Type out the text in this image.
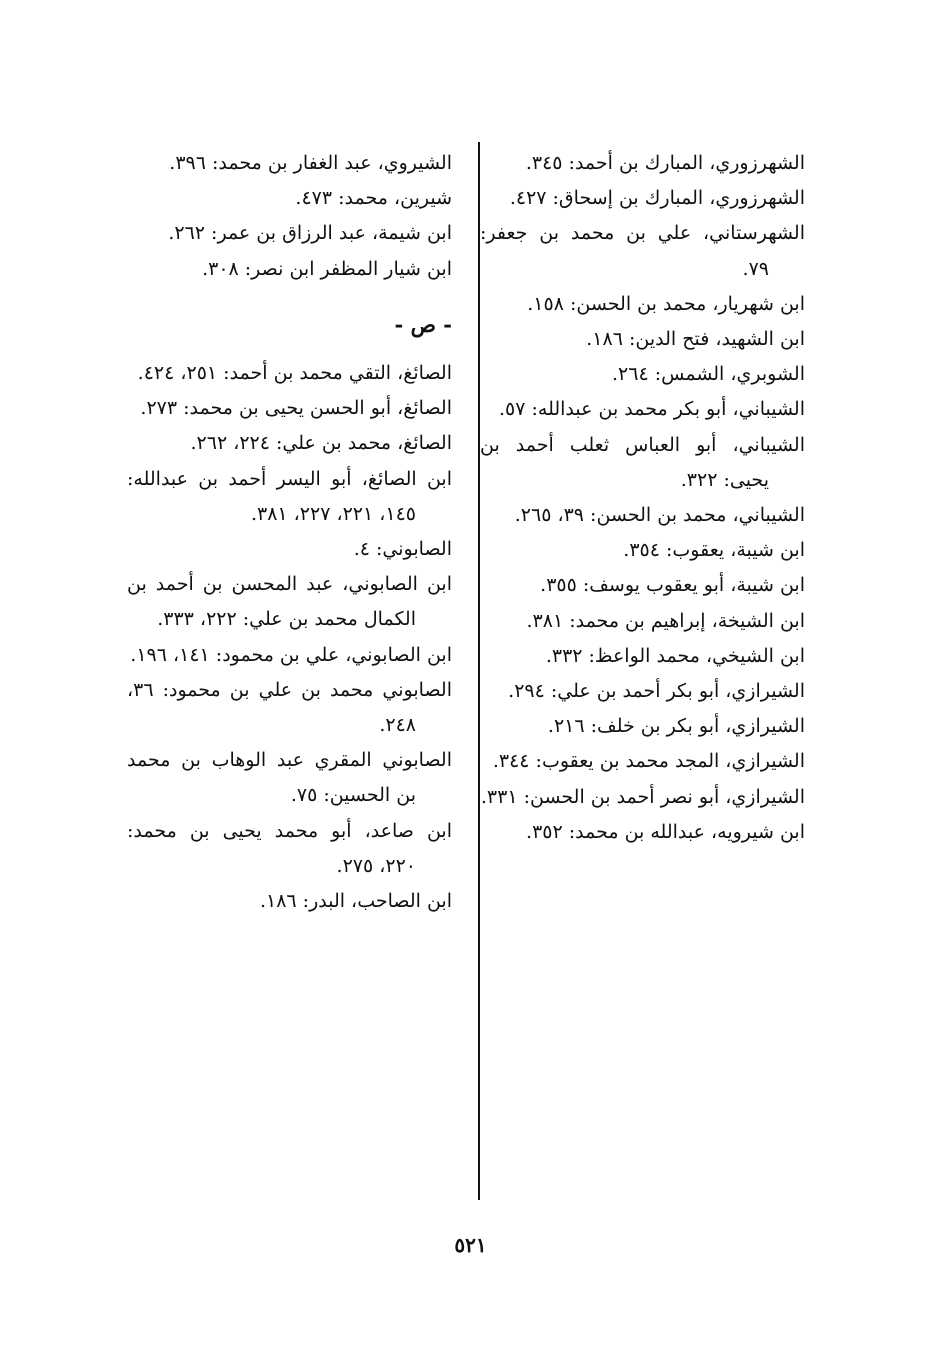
الشهرزوري، المبارك بن أحمد: ٣٤٥.

الشهرزوري، المبارك بن إسحاق: ٤٢٧.

الشهرستاني، علي بن محمد بن جعفر: ٧٩.

ابن شهريار، محمد بن الحسن: ١٥٨.

ابن الشهيد، فتح الدين: ١٨٦.

الشوبري، الشمس: ٢٦٤.

الشيباني، أبو بكر محمد بن عبدالله: ٥٧.

الشيباني، أبو العباس ثعلب أحمد بن يحيى: ٣٢٢.

الشيباني، محمد بن الحسن: ٣٩، ٢٦٥.

ابن شيبة، يعقوب: ٣٥٤.

ابن شيبة، أبو يعقوب يوسف: ٣٥٥.

ابن الشيخة، إبراهيم بن محمد: ٣٨١.

ابن الشيخي، محمد الواعظ: ٣٣٢.

الشيرازي، أبو بكر أحمد بن علي: ٢٩٤.

الشيرازي، أبو بكر بن خلف: ٢١٦.

الشيرازي، المجد محمد بن يعقوب: ٣٤٤.

الشيرازي، أبو نصر أحمد بن الحسن: ٣٣١.

ابن شيرويه، عبدالله بن محمد: ٣٥٢.

الشيروي، عبد الغفار بن محمد: ٣٩٦.

شيرين، محمد: ٤٧٣.

ابن شيمة، عبد الرزاق بن عمر: ٢٦٢.

ابن شيار المظفر ابن نصر: ٣٠٨.

- ص -

الصائغ، التقي محمد بن أحمد: ٢٥١، ٤٢٤.

الصائغ، أبو الحسن يحيى بن محمد: ٢٧٣.

الصائغ، محمد بن علي: ٢٢٤، ٢٦٢.

ابن الصائغ، أبو اليسر أحمد بن عبدالله: ١٤٥، ٢٢١، ٢٢٧، ٣٨١.

الصابوني: ٤.

ابن الصابوني، عبد المحسن بن أحمد بن الكمال محمد بن علي: ٢٢٢، ٣٣٣.

ابن الصابوني، علي بن محمود: ١٤١، ١٩٦.

الصابوني محمد بن علي بن محمود: ٣٦، ٢٤٨.

الصابوني المقري عبد الوهاب بن محمد بن الحسين: ٧٥.

ابن صاعد، أبو محمد يحيى بن محمد: ٢٢٠، ٢٧٥.

ابن الصاحب، البدر: ١٨٦.

٥٢١
